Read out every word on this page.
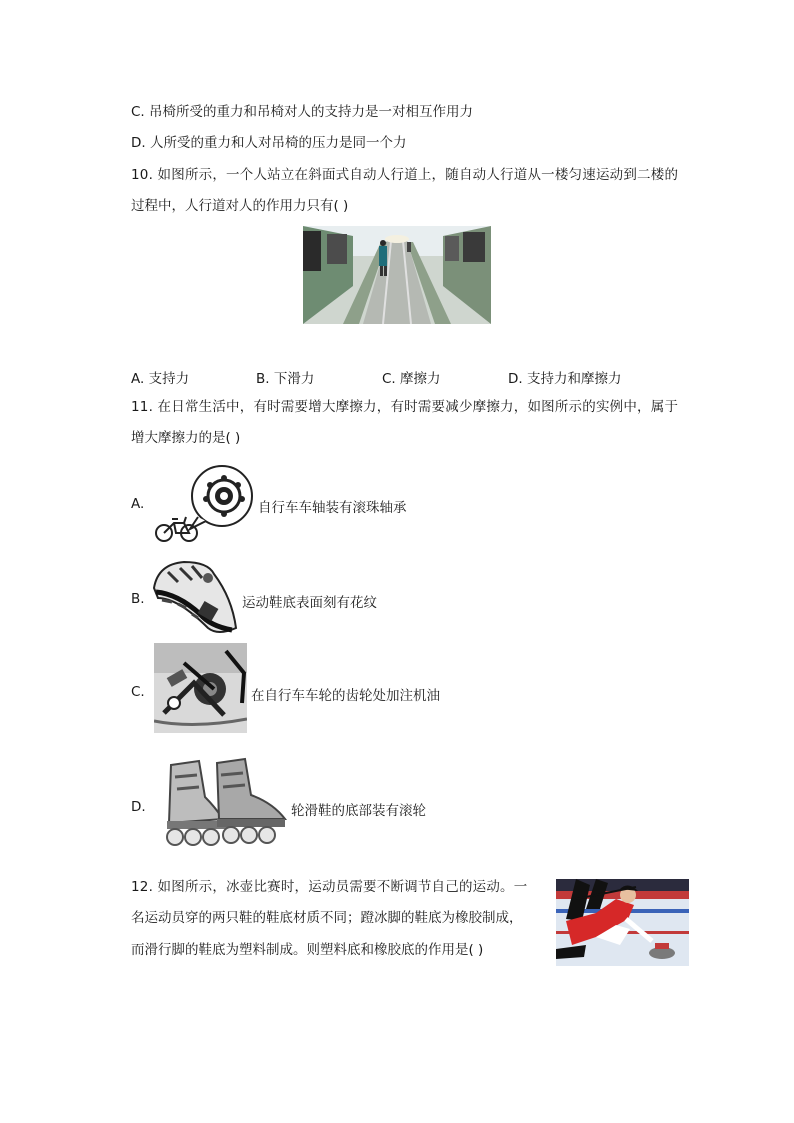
C. 吊椅所受的重力和吊椅对人的支持力是一对相互作用力
D. 人所受的重力和人对吊椅的压力是同一个力
10. 如图所示，一个人站立在斜面式自动人行道上，随自动人行道从一楼匀速运动到二楼的
过程中，人行道对人的作用力只有( )
A. 支持力	B. 下滑力	C. 摩擦力	D. 支持力和摩擦力
11. 在日常生活中，有时需要增大摩擦力，有时需要减少摩擦力，如图所示的实例中，属于
增大摩擦力的是( )
A.	自行车车轴装有滚珠轴承
B.	运动鞋底表面刻有花纹
C.	在自行车车轮的齿轮处加注机油
D.	轮滑鞋的底部装有滚轮
12. 如图所示，冰壶比赛时，运动员需要不断调节自己的运动。一
名运动员穿的两只鞋的鞋底材质不同；蹬冰脚的鞋底为橡胶制成，
而滑行脚的鞋底为塑料制成。则塑料底和橡胶底的作用是( )
